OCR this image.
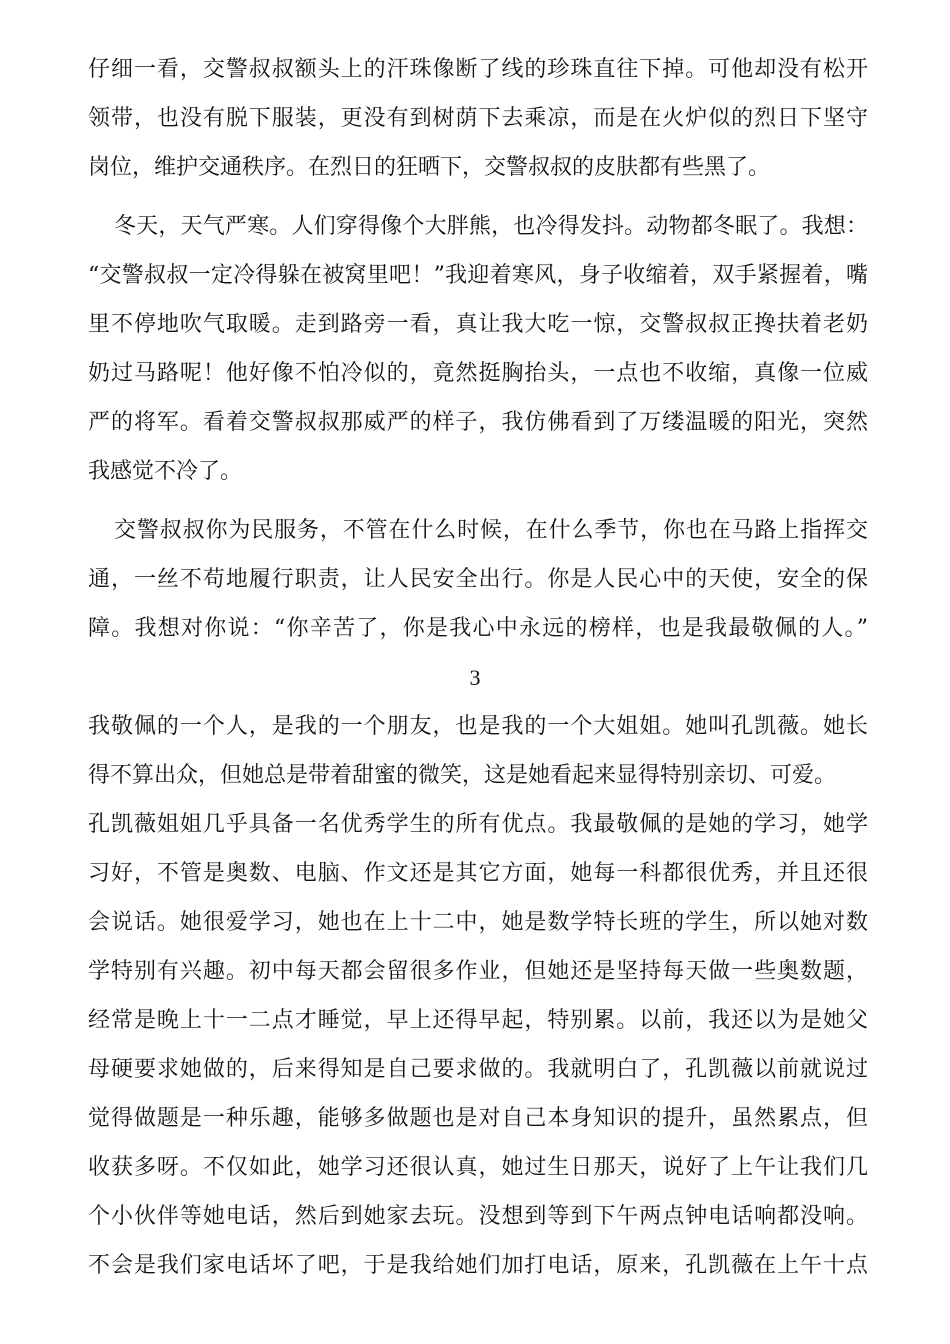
仔细一看，交警叔叔额头上的汗珠像断了线的珍珠直往下掉。可他却没有松开
领带，也没有脱下服装，更没有到树荫下去乘凉，而是在火炉似的烈日下坚守
岗位，维护交通秩序。在烈日的狂晒下，交警叔叔的皮肤都有些黑了。
冬天，天气严寒。人们穿得像个大胖熊，也冷得发抖。动物都冬眠了。我想：
“交警叔叔一定冷得躲在被窝里吧！”我迎着寒风，身子收缩着，双手紧握着，嘴
里不停地吹气取暖。走到路旁一看，真让我大吃一惊，交警叔叔正搀扶着老奶
奶过马路呢！他好像不怕冷似的，竟然挺胸抬头，一点也不收缩，真像一位威
严的将军。看着交警叔叔那威严的样子，我仿佛看到了万缕温暖的阳光，突然
我感觉不冷了。
交警叔叔你为民服务，不管在什么时候，在什么季节，你也在马路上指挥交
通，一丝不苟地履行职责，让人民安全出行。你是人民心中的天使，安全的保
障。我想对你说：“你辛苦了，你是我心中永远的榜样，也是我最敬佩的人。”
3
我敬佩的一个人，是我的一个朋友，也是我的一个大姐姐。她叫孔凯薇。她长
得不算出众，但她总是带着甜蜜的微笑，这是她看起来显得特别亲切、可爱。
孔凯薇姐姐几乎具备一名优秀学生的所有优点。我最敬佩的是她的学习，她学
习好，不管是奥数、电脑、作文还是其它方面，她每一科都很优秀，并且还很
会说话。她很爱学习，她也在上十二中，她是数学特长班的学生，所以她对数
学特别有兴趣。初中每天都会留很多作业，但她还是坚持每天做一些奥数题，
经常是晚上十一二点才睡觉，早上还得早起，特别累。以前，我还以为是她父
母硬要求她做的，后来得知是自己要求做的。我就明白了，孔凯薇以前就说过
觉得做题是一种乐趣，能够多做题也是对自己本身知识的提升，虽然累点，但
收获多呀。不仅如此，她学习还很认真，她过生日那天，说好了上午让我们几
个小伙伴等她电话，然后到她家去玩。没想到等到下午两点钟电话响都没响。
不会是我们家电话坏了吧，于是我给她们加打电话，原来，孔凯薇在上午十点
